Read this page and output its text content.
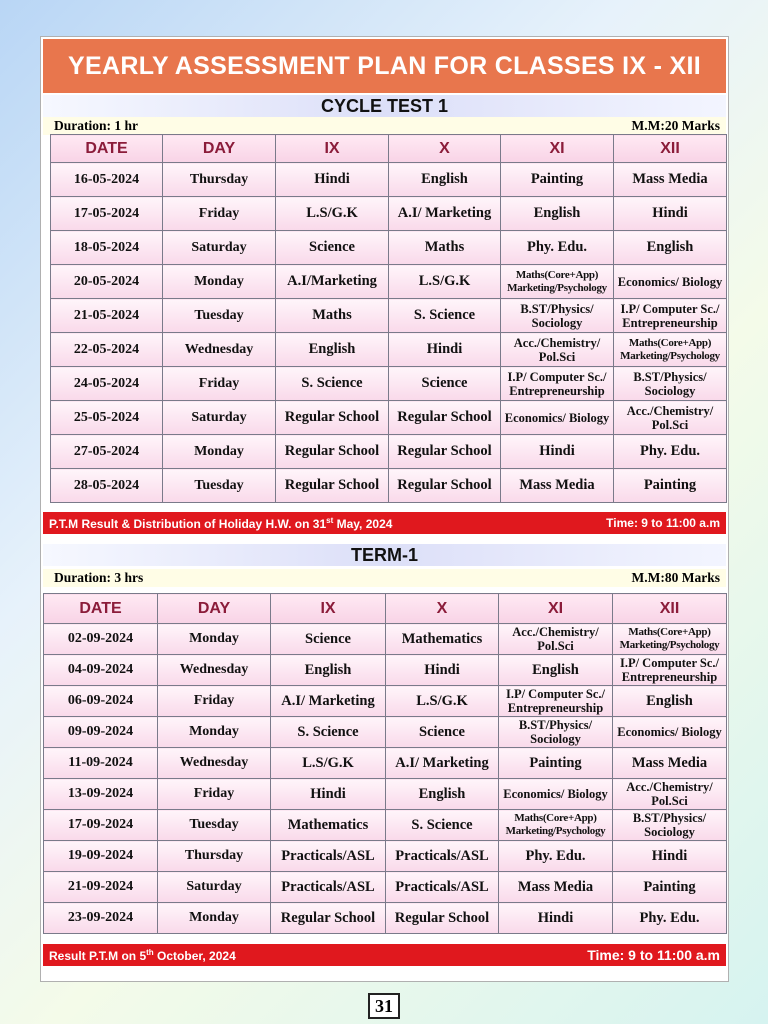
YEARLY ASSESSMENT PLAN FOR CLASSES IX - XII
CYCLE TEST 1
Duration: 1 hr	M.M:20 Marks
DATE	DAY	IX	X	XI	XII
16-05-2024	Thursday	Hindi	English	Painting	Mass Media
17-05-2024	Friday	L.S/G.K	A.I/ Marketing	English	Hindi
18-05-2024	Saturday	Science	Maths	Phy. Edu.	English
20-05-2024	Monday	A.I/Marketing	L.S/G.K	Maths(Core+App) Marketing/Psychology	Economics/ Biology
21-05-2024	Tuesday	Maths	S. Science	B.ST/Physics/ Sociology	I.P/ Computer Sc./ Entrepreneurship
22-05-2024	Wednesday	English	Hindi	Acc./Chemistry/ Pol.Sci	Maths(Core+App) Marketing/Psychology
24-05-2024	Friday	S. Science	Science	I.P/ Computer Sc./ Entrepreneurship	B.ST/Physics/ Sociology
25-05-2024	Saturday	Regular School	Regular School	Economics/ Biology	Acc./Chemistry/ Pol.Sci
27-05-2024	Monday	Regular School	Regular School	Hindi	Phy. Edu.
28-05-2024	Tuesday	Regular School	Regular School	Mass Media	Painting
P.T.M Result & Distribution of Holiday H.W. on 31st May, 2024	Time: 9 to 11:00 a.m
TERM-1
Duration: 3 hrs	M.M:80 Marks
DATE	DAY	IX	X	XI	XII
02-09-2024	Monday	Science	Mathematics	Acc./Chemistry/ Pol.Sci	Maths(Core+App) Marketing/Psychology
04-09-2024	Wednesday	English	Hindi	English	I.P/ Computer Sc./ Entrepreneurship
06-09-2024	Friday	A.I/ Marketing	L.S/G.K	I.P/ Computer Sc./ Entrepreneurship	English
09-09-2024	Monday	S. Science	Science	B.ST/Physics/ Sociology	Economics/ Biology
11-09-2024	Wednesday	L.S/G.K	A.I/ Marketing	Painting	Mass Media
13-09-2024	Friday	Hindi	English	Economics/ Biology	Acc./Chemistry/ Pol.Sci
17-09-2024	Tuesday	Mathematics	S. Science	Maths(Core+App) Marketing/Psychology	B.ST/Physics/ Sociology
19-09-2024	Thursday	Practicals/ASL	Practicals/ASL	Phy. Edu.	Hindi
21-09-2024	Saturday	Practicals/ASL	Practicals/ASL	Mass Media	Painting
23-09-2024	Monday	Regular School	Regular School	Hindi	Phy. Edu.
Result P.T.M on 5th October, 2024	Time: 9 to 11:00 a.m
31
